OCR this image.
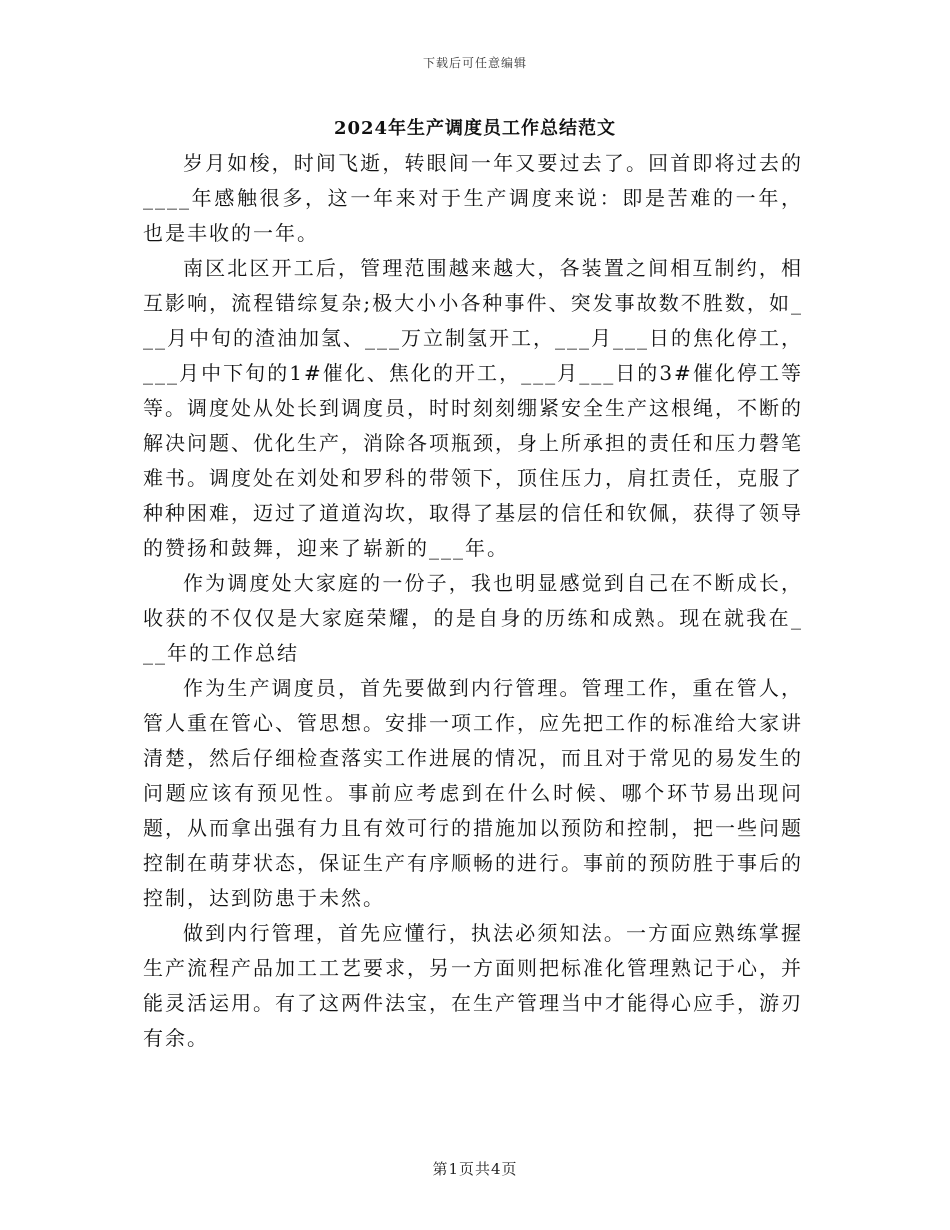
下载后可任意编辑
2024年生产调度员工作总结范文

岁月如梭，时间飞逝，转眼间一年又要过去了。回首即将过去的____年感触很多，这一年来对于生产调度来说：即是苦难的一年，也是丰收的一年。

南区北区开工后，管理范围越来越大，各装置之间相互制约，相互影响，流程错综复杂;极大小小各种事件、突发事故数不胜数，如___月中旬的渣油加氢、___万立制氢开工，___月___日的焦化停工，___月中下旬的1#催化、焦化的开工，___月___日的3#催化停工等等。调度处从处长到调度员，时时刻刻绷紧安全生产这根绳，不断的解决问题、优化生产，消除各项瓶颈，身上所承担的责任和压力磬笔难书。调度处在刘处和罗科的带领下，顶住压力，肩扛责任，克服了种种困难，迈过了道道沟坎，取得了基层的信任和钦佩，获得了领导的赞扬和鼓舞，迎来了崭新的___年。

作为调度处大家庭的一份子，我也明显感觉到自己在不断成长，收获的不仅仅是大家庭荣耀，的是自身的历练和成熟。现在就我在___年的工作总结

作为生产调度员，首先要做到内行管理。管理工作，重在管人，管人重在管心、管思想。安排一项工作，应先把工作的标准给大家讲清楚，然后仔细检查落实工作进展的情况，而且对于常见的易发生的问题应该有预见性。事前应考虑到在什么时候、哪个环节易出现问题，从而拿出强有力且有效可行的措施加以预防和控制，把一些问题控制在萌芽状态，保证生产有序顺畅的进行。事前的预防胜于事后的控制，达到防患于未然。

做到内行管理，首先应懂行，执法必须知法。一方面应熟练掌握生产流程产品加工工艺要求，另一方面则把标准化管理熟记于心，并能灵活运用。有了这两件法宝，在生产管理当中才能得心应手，游刃有余。

第1页共4页
